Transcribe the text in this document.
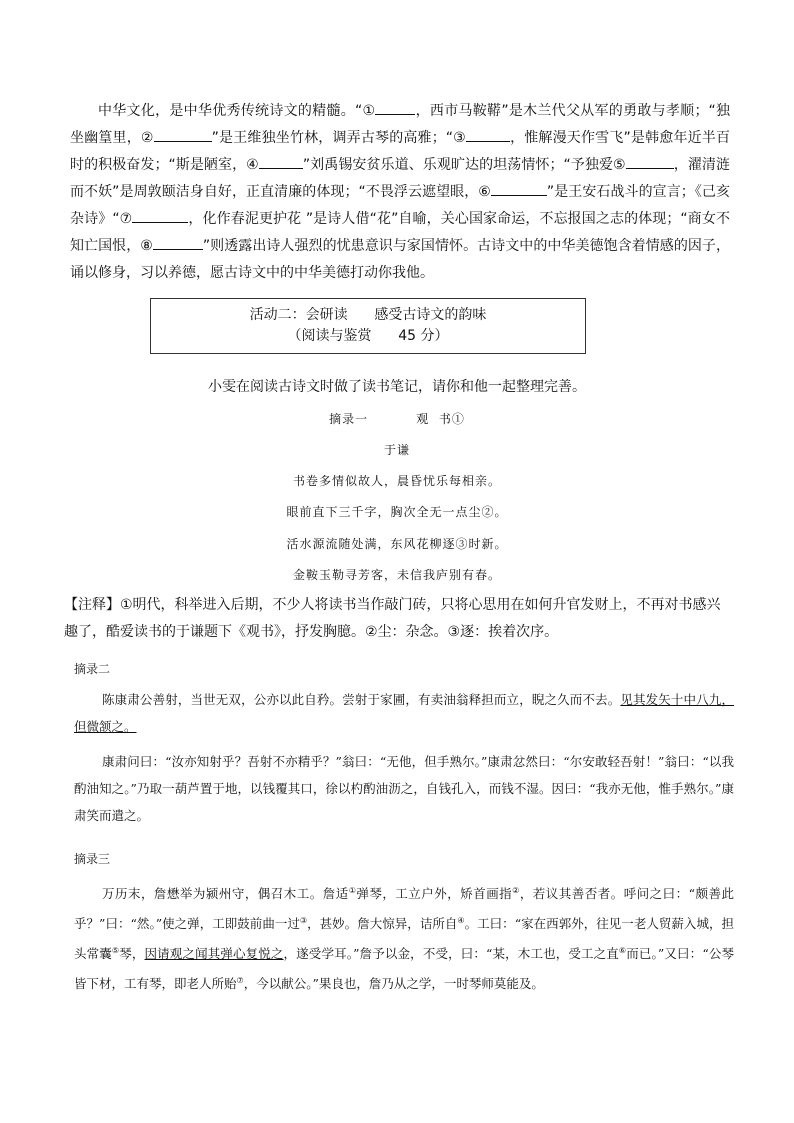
中华文化，是中华优秀传统诗文的精髓。“①	，西市马鞍鞯”是木兰代父从军的勇敢与孝顺；“独坐幽篁里，②	”是王维独坐竹林，调弄古琴的高雅；“③	，惟解漫天作雪飞”是韩愈年近半百时的积极奋发；“斯是陋室，④	”刘禹锡安贫乐道、乐观旷达的坦荡情怀；“予独爱⑤	，濯清涟而不妖”是周敦颐洁身自好，正直清廉的体现；“不畏浮云遮望眼，⑥	”是王安石战斗的宣言；《己亥杂诗》“⑦	，化作春泥更护花 ”是诗人借“花”自喻，关心国家命运，不忘报国之志的体现；“商女不知亡国恨，⑧	”则透露出诗人强烈的忧患意识与家国情怀。古诗文中的中华美德饱含着情感的因子，诵以修身，习以养德，愿古诗文中的中华美德打动你我他。

活动二：会研读      感受古诗文的韵味
（阅读与鉴赏      45 分）
小雯在阅读古诗文时做了读书笔记，请你和他一起整理完善。
摘录一          观  书①
于谦
书卷多情似故人，晨昏忧乐每相亲。
眼前直下三千字，胸次全无一点尘②。
活水源流随处满，东风花柳逐③时新。
金鞍玉勒寻芳客，未信我庐别有春。

【注释】①明代，科举进入后期，不少人将读书当作敲门砖，只将心思用在如何升官发财上，不再对书感兴趣了，酷爱读书的于谦题下《观书》，抒发胸臆。②尘：杂念。③逐：挨着次序。

摘录二

陈康肃公善射，当世无双，公亦以此自矜。尝射于家圃，有卖油翁释担而立，睨之久而不去。见其发矢十中八九，但微颔之。

康肃问曰：“汝亦知射乎？吾射不亦精乎？”翁曰：“无他，但手熟尔。”康肃忿然曰：“尔安敢轻吾射！”翁曰：“以我酌油知之。”乃取一葫芦置于地，以钱覆其口，徐以杓酌油沥之，自钱孔入，而钱不湿。因曰：“我亦无他，惟手熟尔。”康肃笑而遣之。

摘录三

万历末，詹懋举为颍州守，偶召木工。詹适①弹琴，工立户外，矫首画指②，若议其善否者。呼问之曰：“颇善此乎？”曰：“然。”使之弹，工即鼓前曲一过③，甚妙。詹大惊异，诘所自④。工曰：“家在西郭外，往见一老人贸薪入城，担头常囊⑤琴，因请观之闻其弹心复悦之，遂受学耳。”詹予以金，不受，曰：“某，木工也，受工之直⑥而已。”又曰：“公琴皆下材，工有琴，即老人所贻⑦，今以献公。”果良也，詹乃从之学，一时琴师莫能及。
